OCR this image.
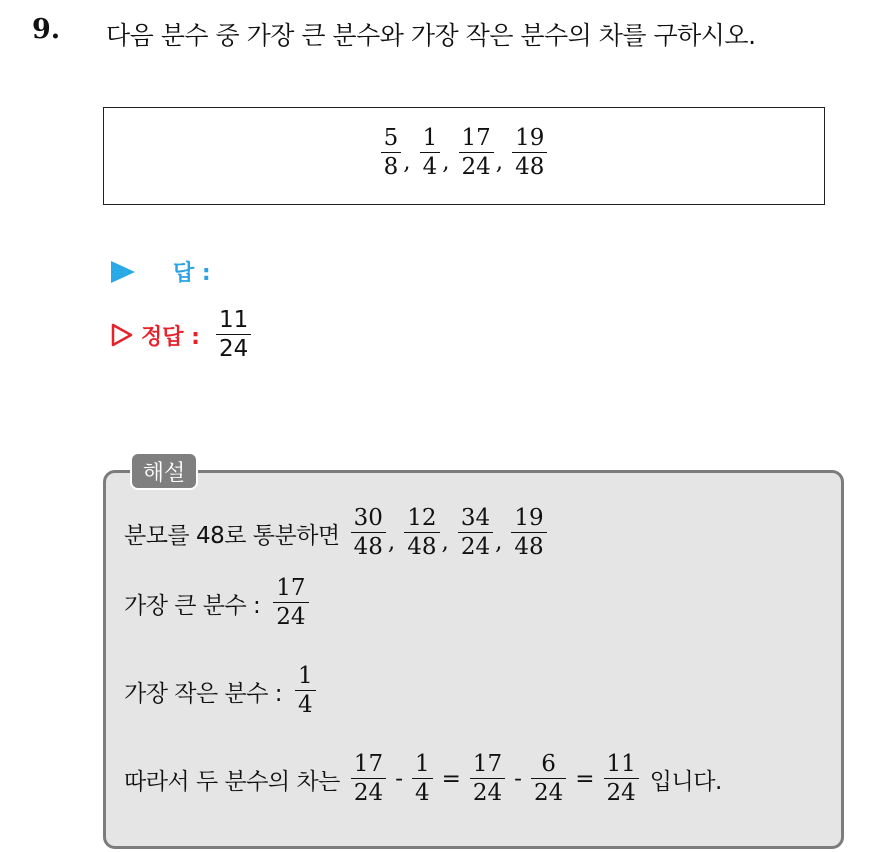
9. 다음 분수 중 가장 큰 분수와 가장 작은 분수의 차를 구하시오.
$\frac{5}{8}$ , $\frac{1}{4}$ , $\frac{17}{24}$ , $\frac{19}{48}$
답 :
정답 : $\frac{11}{24}$
해설
분모를 48로 통분하면 $\frac{30}{48}$ , $\frac{12}{48}$ , $\frac{34}{24}$ , $\frac{19}{48}$
가장 큰 분수 : $\frac{17}{24}$
가장 작은 분수 : $\frac{1}{4}$
따라서 두 분수의 차는 $\frac{17}{24} - \frac{1}{4} = \frac{17}{24} - \frac{6}{24} = \frac{11}{24}$ 입니다.
